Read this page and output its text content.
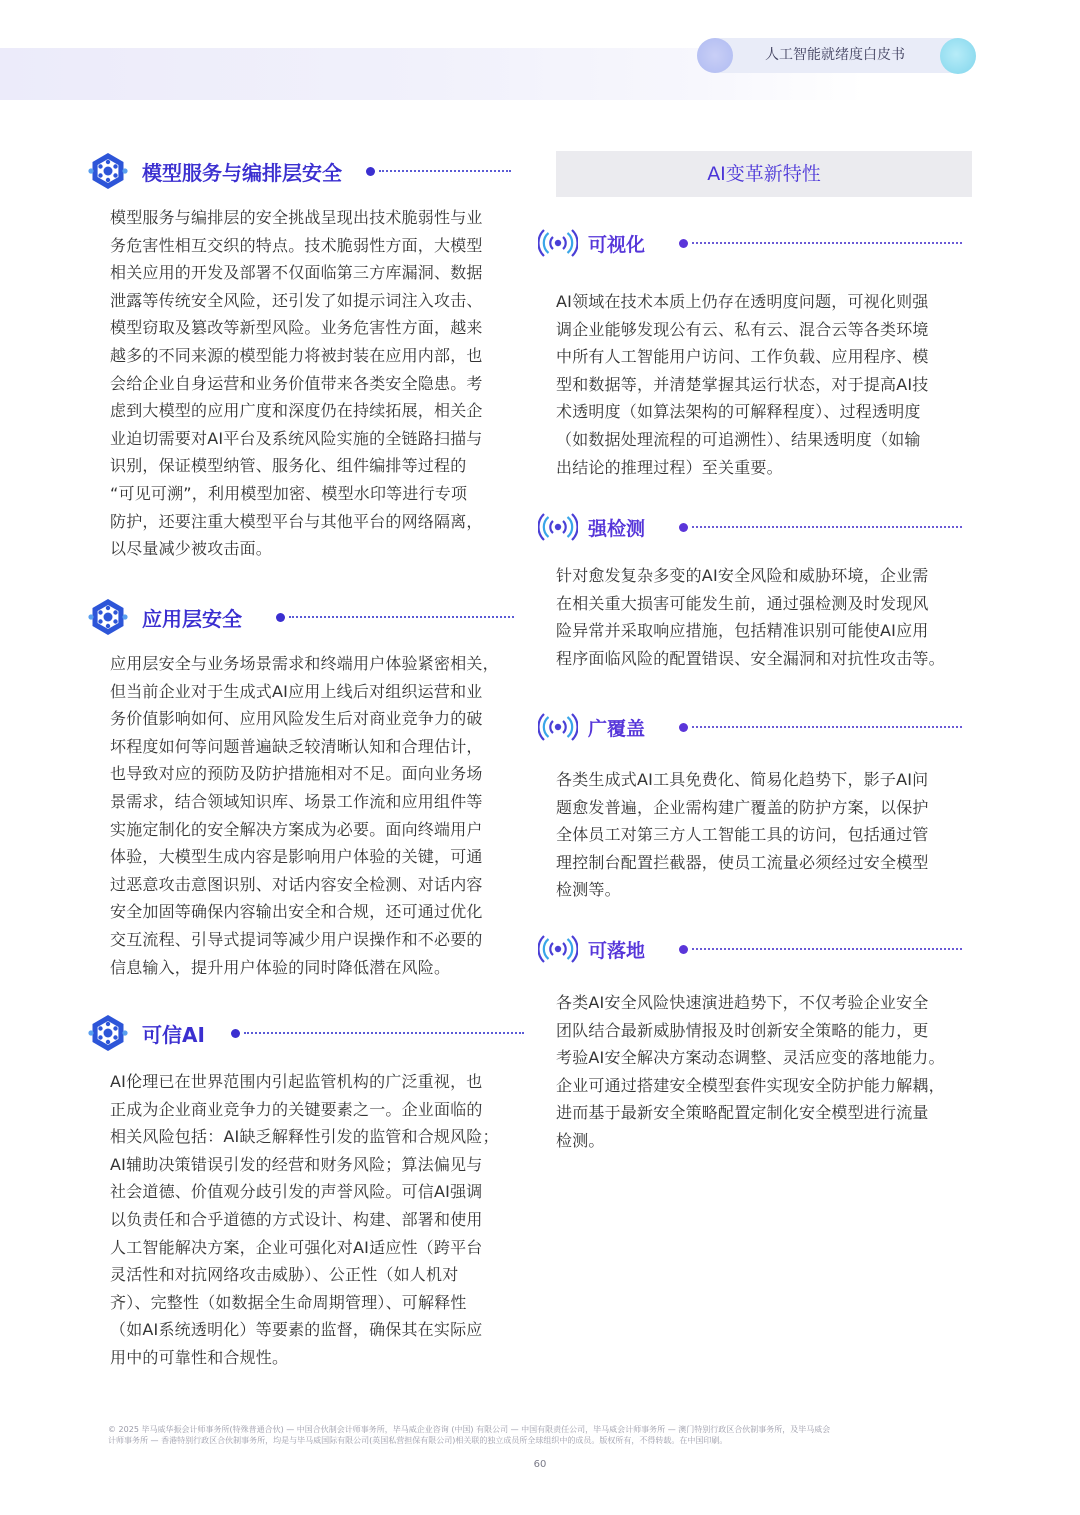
人工智能就绪度白皮书
模型服务与编排层安全

模型服务与编排层的安全挑战呈现出技术脆弱性与业
务危害性相互交织的特点。技术脆弱性方面，大模型
相关应用的开发及部署不仅面临第三方库漏洞、数据
泄露等传统安全风险，还引发了如提示词注入攻击、
模型窃取及篡改等新型风险。业务危害性方面，越来
越多的不同来源的模型能力将被封装在应用内部，也
会给企业自身运营和业务价值带来各类安全隐患。考
虑到大模型的应用广度和深度仍在持续拓展，相关企
业迫切需要对AI平台及系统风险实施的全链路扫描与
识别，保证模型纳管、服务化、组件编排等过程的
“可见可溯”，利用模型加密、模型水印等进行专项
防护，还要注重大模型平台与其他平台的网络隔离，
以尽量减少被攻击面。

应用层安全

应用层安全与业务场景需求和终端用户体验紧密相关，
但当前企业对于生成式AI应用上线后对组织运营和业
务价值影响如何、应用风险发生后对商业竞争力的破
坏程度如何等问题普遍缺乏较清晰认知和合理估计，
也导致对应的预防及防护措施相对不足。面向业务场
景需求，结合领域知识库、场景工作流和应用组件等
实施定制化的安全解决方案成为必要。面向终端用户
体验，大模型生成内容是影响用户体验的关键，可通
过恶意攻击意图识别、对话内容安全检测、对话内容
安全加固等确保内容输出安全和合规，还可通过优化
交互流程、引导式提词等减少用户误操作和不必要的
信息输入，提升用户体验的同时降低潜在风险。

可信AI

AI伦理已在世界范围内引起监管机构的广泛重视，也
正成为企业商业竞争力的关键要素之一。企业面临的
相关风险包括：AI缺乏解释性引发的监管和合规风险；
AI辅助决策错误引发的经营和财务风险；算法偏见与
社会道德、价值观分歧引发的声誉风险。可信AI强调
以负责任和合乎道德的方式设计、构建、部署和使用
人工智能解决方案，企业可强化对AI适应性（跨平台
灵活性和对抗网络攻击威胁）、公正性（如人机对
齐）、完整性（如数据全生命周期管理）、可解释性
（如AI系统透明化）等要素的监督，确保其在实际应
用中的可靠性和合规性。

AI变革新特性
可视化

AI领域在技术本质上仍存在透明度问题，可视化则强
调企业能够发现公有云、私有云、混合云等各类环境
中所有人工智能用户访问、工作负载、应用程序、模
型和数据等，并清楚掌握其运行状态，对于提高AI技
术透明度（如算法架构的可解释程度）、过程透明度
（如数据处理流程的可追溯性）、结果透明度（如输
出结论的推理过程）至关重要。

强检测

针对愈发复杂多变的AI安全风险和威胁环境，企业需
在相关重大损害可能发生前，通过强检测及时发现风
险异常并采取响应措施，包括精准识别可能使AI应用
程序面临风险的配置错误、安全漏洞和对抗性攻击等。

广覆盖

各类生成式AI工具免费化、简易化趋势下，影子AI问
题愈发普遍，企业需构建广覆盖的防护方案，以保护
全体员工对第三方人工智能工具的访问，包括通过管
理控制台配置拦截器，使员工流量必须经过安全模型
检测等。

可落地

各类AI安全风险快速演进趋势下，不仅考验企业安全
团队结合最新威胁情报及时创新安全策略的能力，更
考验AI安全解决方案动态调整、灵活应变的落地能力。
企业可通过搭建安全模型套件实现安全防护能力解耦，
进而基于最新安全策略配置定制化安全模型进行流量
检测。

© 2025 毕马威华振会计师事务所(特殊普通合伙) — 中国合伙制会计师事务所，毕马威企业咨询 (中国) 有限公司 — 中国有限责任公司，毕马威会计师事务所 — 澳门特别行政区合伙制事务所，及毕马威会
计师事务所 — 香港特别行政区合伙制事务所，均是与毕马威国际有限公司(英国私营担保有限公司)相关联的独立成员所全球组织中的成员。版权所有，不得转载。在中国印刷。

60
